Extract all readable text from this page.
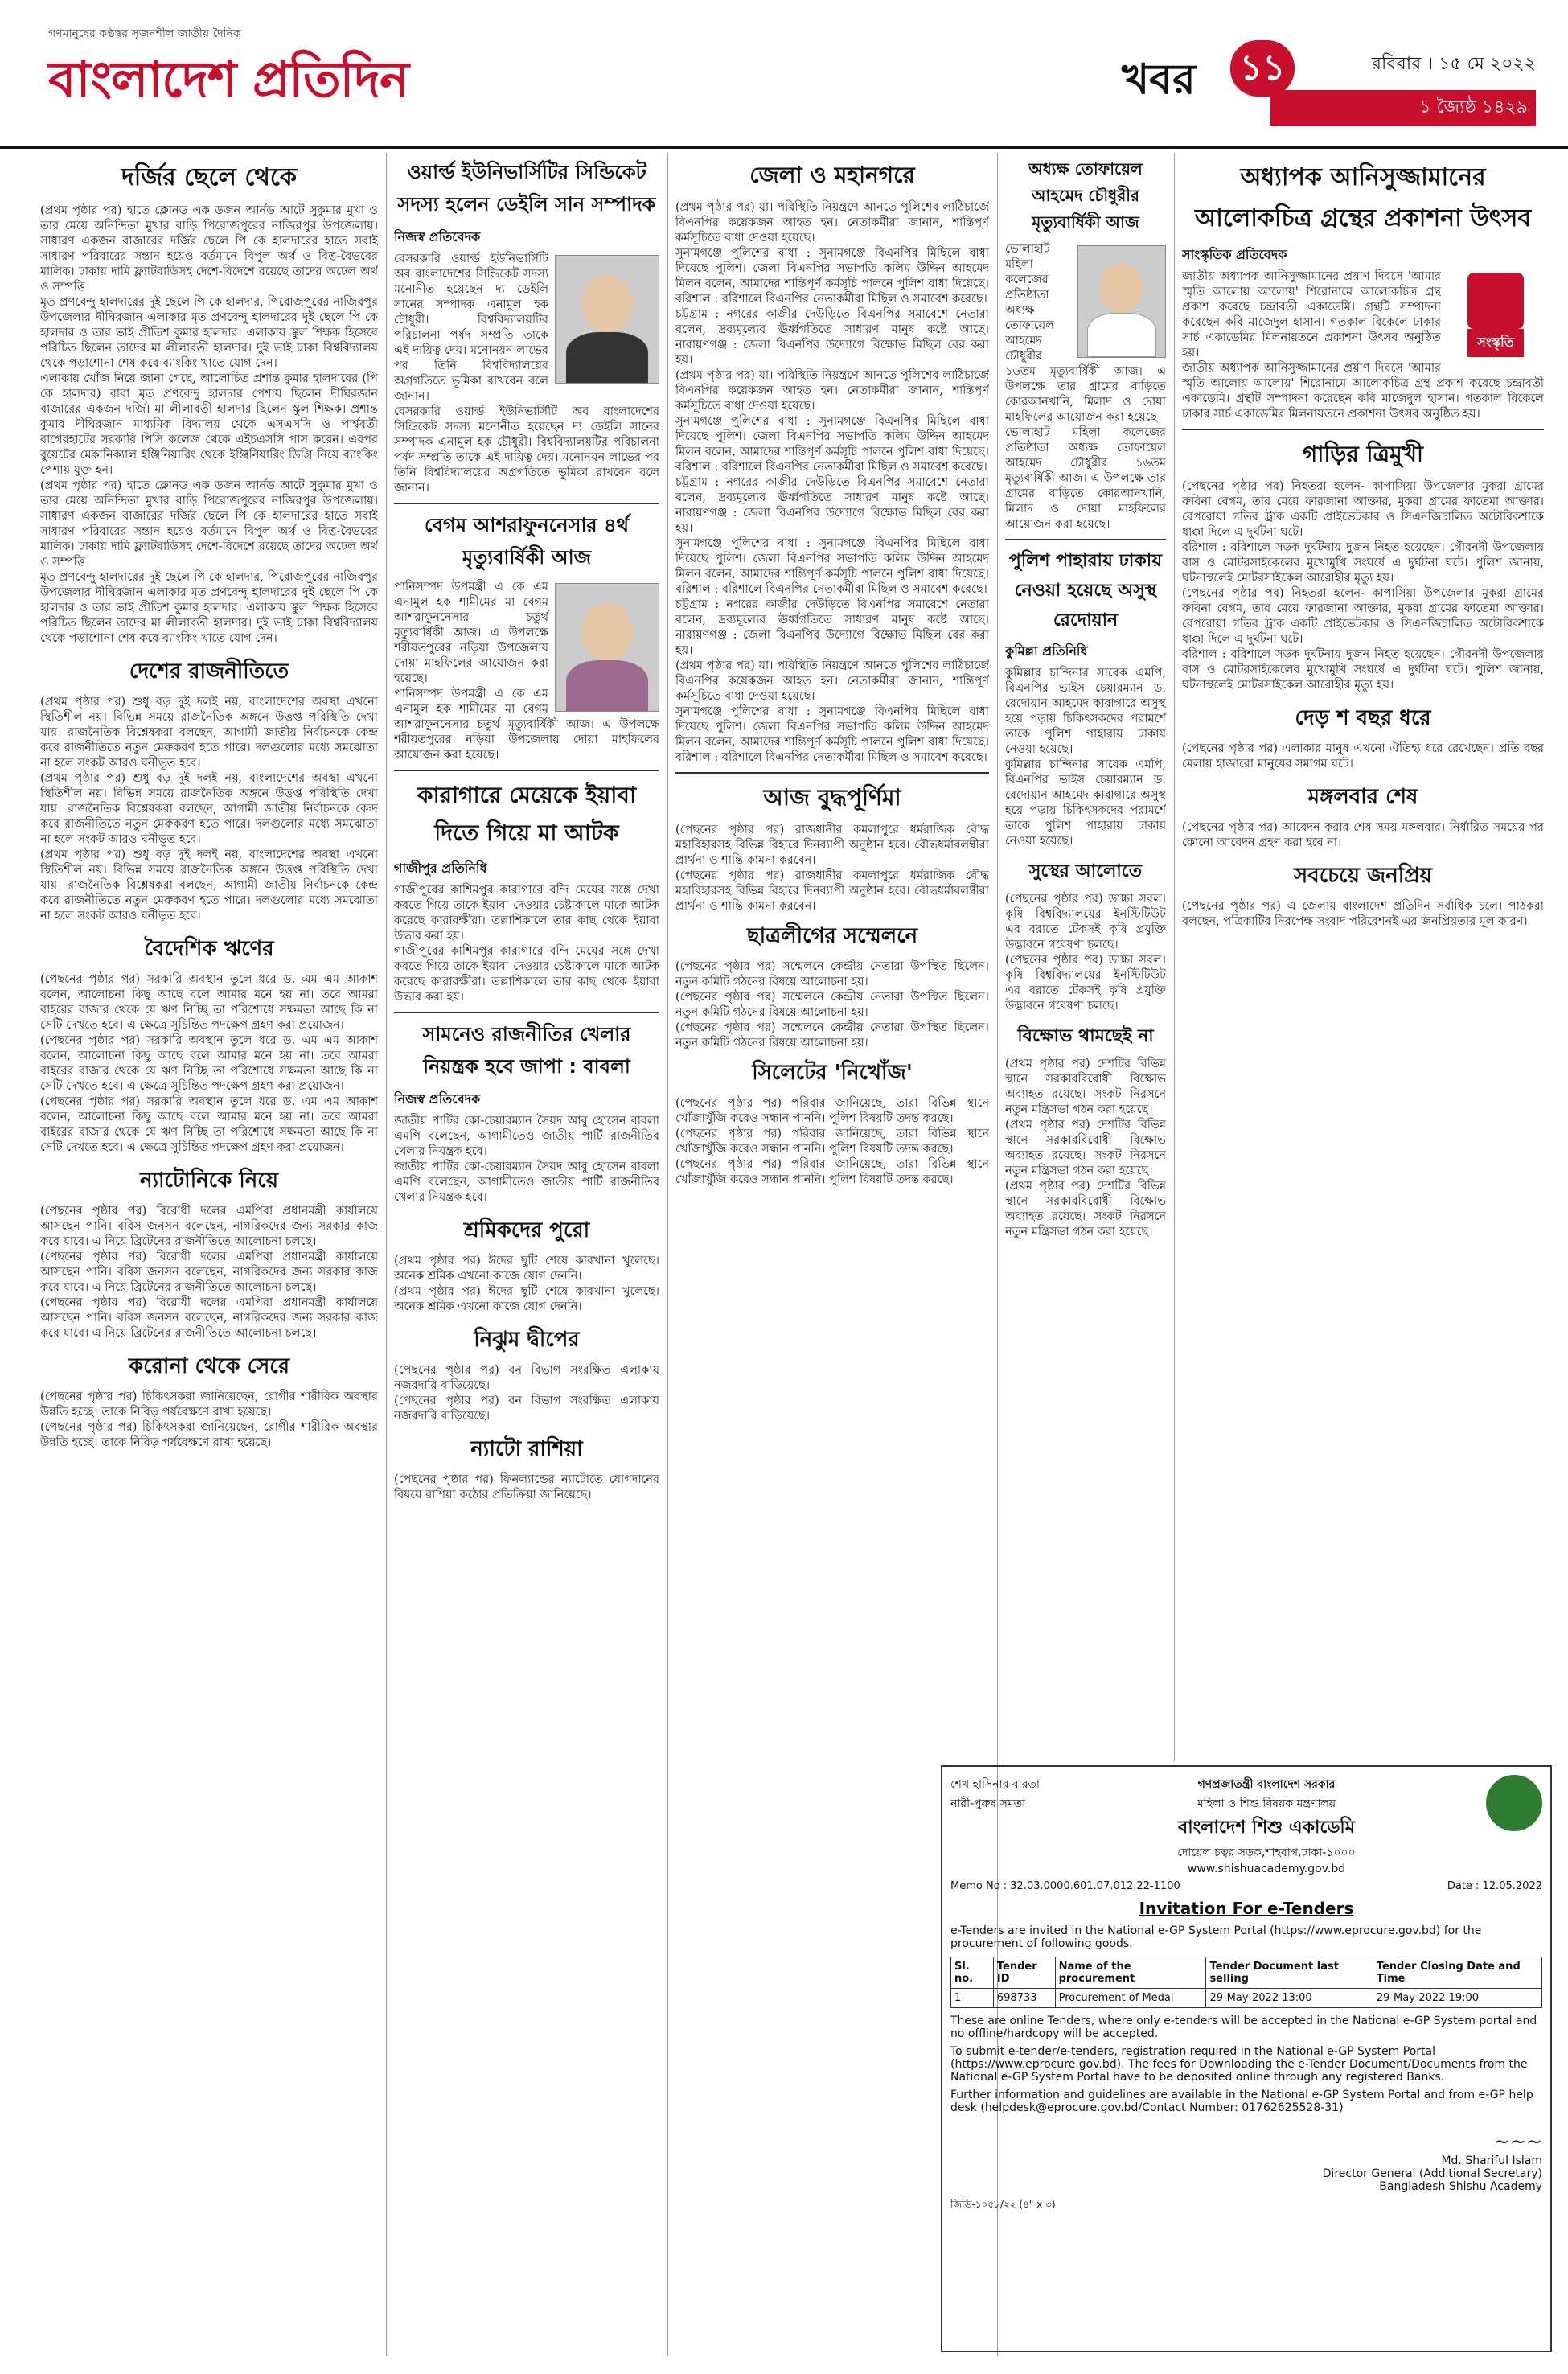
গণমানুষের কণ্ঠস্বর সৃজনশীল জাতীয় দৈনিক
বাংলাদেশ প্রতিদিন	খবর ১১	রবিবার । ১৫ মে ২০২২
১ জ্যৈষ্ঠ ১৪২৯
দর্জির ছেলে থেকে

(প্রথম পৃষ্ঠার পর) হাতে ক্লোনড এক ডজন আর্নড আটে সুকুমার মুখা ও তার মেয়ে অনিন্দিতা মুখার বাড়ি পিরোজপুরের নাজিরপুর উপজেলায়। সাধারণ একজন বাজারের দর্জির ছেলে পি কে হালদারের হাতে সবাই সাধারণ পরিবারের সন্তান হয়েও বর্তমানে বিপুল অর্থ ও বিত্ত-বৈভবের মালিক। ঢাকায় দামি ফ্ল্যাটবাড়িসহ দেশে-বিদেশে রয়েছে তাদের অঢেল অর্থ ও সম্পত্তি।

মৃত প্রণবেন্দু হালদারের দুই ছেলে পি কে হালদার, পিরোজপুরের নাজিরপুর উপজেলার দীঘিরজান এলাকার মৃত প্রণবেন্দু হালদারের দুই ছেলে পি কে হালদার ও তার ভাই প্রীতিশ কুমার হালদার। এলাকায় স্কুল শিক্ষক হিসেবে পরিচিত ছিলেন তাদের মা লীলাবতী হালদার। দুই ভাই ঢাকা বিশ্ববিদ্যালয় থেকে পড়াশোনা শেষ করে ব্যাংকিং খাতে যোগ দেন।

এলাকায় খোঁজ নিয়ে জানা গেছে, আলোচিত প্রশান্ত কুমার হালদারের (পি কে হালদার) বাবা মৃত প্রণবেন্দু হালদার পেশায় ছিলেন দীঘিরজান বাজারের একজন দর্জি। মা লীলাবতী হালদার ছিলেন স্কুল শিক্ষক। প্রশান্ত কুমার দীঘিরজান মাধ্যমিক বিদ্যালয় থেকে এসএসসি ও পার্শ্ববর্তী বাগেরহাটের সরকারি পিসি কলেজ থেকে এইচএসসি পাস করেন। এরপর বুয়েটের মেকানিক্যাল ইঞ্জিনিয়ারিং থেকে ইঞ্জিনিয়ারিং ডিগ্রি নিয়ে ব্যাংকিং পেশায় যুক্ত হন।

(প্রথম পৃষ্ঠার পর) হাতে ক্লোনড এক ডজন আর্নড আটে সুকুমার মুখা ও তার মেয়ে অনিন্দিতা মুখার বাড়ি পিরোজপুরের নাজিরপুর উপজেলায়। সাধারণ একজন বাজারের দর্জির ছেলে পি কে হালদারের হাতে সবাই সাধারণ পরিবারের সন্তান হয়েও বর্তমানে বিপুল অর্থ ও বিত্ত-বৈভবের মালিক। ঢাকায় দামি ফ্ল্যাটবাড়িসহ দেশে-বিদেশে রয়েছে তাদের অঢেল অর্থ ও সম্পত্তি।

মৃত প্রণবেন্দু হালদারের দুই ছেলে পি কে হালদার, পিরোজপুরের নাজিরপুর উপজেলার দীঘিরজান এলাকার মৃত প্রণবেন্দু হালদারের দুই ছেলে পি কে হালদার ও তার ভাই প্রীতিশ কুমার হালদার। এলাকায় স্কুল শিক্ষক হিসেবে পরিচিত ছিলেন তাদের মা লীলাবতী হালদার। দুই ভাই ঢাকা বিশ্ববিদ্যালয় থেকে পড়াশোনা শেষ করে ব্যাংকিং খাতে যোগ দেন।

দেশের রাজনীতিতে

(প্রথম পৃষ্ঠার পর) শুধু বড় দুই দলই নয়, বাংলাদেশের অবস্থা এখনো স্থিতিশীল নয়। বিভিন্ন সময়ে রাজনৈতিক অঙ্গনে উত্তপ্ত পরিস্থিতি দেখা যায়। রাজনৈতিক বিশ্লেষকরা বলছেন, আগামী জাতীয় নির্বাচনকে কেন্দ্র করে রাজনীতিতে নতুন মেরুকরণ হতে পারে। দলগুলোর মধ্যে সমঝোতা না হলে সংকট আরও ঘনীভূত হবে।

(প্রথম পৃষ্ঠার পর) শুধু বড় দুই দলই নয়, বাংলাদেশের অবস্থা এখনো স্থিতিশীল নয়। বিভিন্ন সময়ে রাজনৈতিক অঙ্গনে উত্তপ্ত পরিস্থিতি দেখা যায়। রাজনৈতিক বিশ্লেষকরা বলছেন, আগামী জাতীয় নির্বাচনকে কেন্দ্র করে রাজনীতিতে নতুন মেরুকরণ হতে পারে। দলগুলোর মধ্যে সমঝোতা না হলে সংকট আরও ঘনীভূত হবে।

(প্রথম পৃষ্ঠার পর) শুধু বড় দুই দলই নয়, বাংলাদেশের অবস্থা এখনো স্থিতিশীল নয়। বিভিন্ন সময়ে রাজনৈতিক অঙ্গনে উত্তপ্ত পরিস্থিতি দেখা যায়। রাজনৈতিক বিশ্লেষকরা বলছেন, আগামী জাতীয় নির্বাচনকে কেন্দ্র করে রাজনীতিতে নতুন মেরুকরণ হতে পারে। দলগুলোর মধ্যে সমঝোতা না হলে সংকট আরও ঘনীভূত হবে।

বৈদেশিক ঋণের

(পেছনের পৃষ্ঠার পর) সরকারি অবস্থান তুলে ধরে ড. এম এম আকাশ বলেন, আলোচনা কিছু আছে বলে আমার মনে হয় না। তবে আমরা বাইরের বাজার থেকে যে ঋণ নিচ্ছি তা পরিশোধে সক্ষমতা আছে কি না সেটি দেখতে হবে। এ ক্ষেত্রে সুচিন্তিত পদক্ষেপ গ্রহণ করা প্রয়োজন।

(পেছনের পৃষ্ঠার পর) সরকারি অবস্থান তুলে ধরে ড. এম এম আকাশ বলেন, আলোচনা কিছু আছে বলে আমার মনে হয় না। তবে আমরা বাইরের বাজার থেকে যে ঋণ নিচ্ছি তা পরিশোধে সক্ষমতা আছে কি না সেটি দেখতে হবে। এ ক্ষেত্রে সুচিন্তিত পদক্ষেপ গ্রহণ করা প্রয়োজন।

(পেছনের পৃষ্ঠার পর) সরকারি অবস্থান তুলে ধরে ড. এম এম আকাশ বলেন, আলোচনা কিছু আছে বলে আমার মনে হয় না। তবে আমরা বাইরের বাজার থেকে যে ঋণ নিচ্ছি তা পরিশোধে সক্ষমতা আছে কি না সেটি দেখতে হবে। এ ক্ষেত্রে সুচিন্তিত পদক্ষেপ গ্রহণ করা প্রয়োজন।

ন্যাটোনিকে নিয়ে

(পেছনের পৃষ্ঠার পর) বিরোধী দলের এমপিরা প্রধানমন্ত্রী কার্যালয়ে আসছেন পানি। বরিস জনসন বলেছেন, নাগরিকদের জন্য সরকার কাজ করে যাবে। এ নিয়ে ব্রিটেনের রাজনীতিতে আলোচনা চলছে।

(পেছনের পৃষ্ঠার পর) বিরোধী দলের এমপিরা প্রধানমন্ত্রী কার্যালয়ে আসছেন পানি। বরিস জনসন বলেছেন, নাগরিকদের জন্য সরকার কাজ করে যাবে। এ নিয়ে ব্রিটেনের রাজনীতিতে আলোচনা চলছে।

(পেছনের পৃষ্ঠার পর) বিরোধী দলের এমপিরা প্রধানমন্ত্রী কার্যালয়ে আসছেন পানি। বরিস জনসন বলেছেন, নাগরিকদের জন্য সরকার কাজ করে যাবে। এ নিয়ে ব্রিটেনের রাজনীতিতে আলোচনা চলছে।

করোনা থেকে সেরে

(পেছনের পৃষ্ঠার পর) চিকিৎসকরা জানিয়েছেন, রোগীর শারীরিক অবস্থার উন্নতি হচ্ছে। তাকে নিবিড় পর্যবেক্ষণে রাখা হয়েছে।

(পেছনের পৃষ্ঠার পর) চিকিৎসকরা জানিয়েছেন, রোগীর শারীরিক অবস্থার উন্নতি হচ্ছে। তাকে নিবিড় পর্যবেক্ষণে রাখা হয়েছে।

ওয়ার্ল্ড ইউনিভার্সিটির সিন্ডিকেট সদস্য হলেন ডেইলি সান সম্পাদক
নিজস্ব প্রতিবেদক

বেসরকারি ওয়ার্ল্ড ইউনিভার্সিটি অব বাংলাদেশের সিন্ডিকেট সদস্য মনোনীত হয়েছেন দ্য ডেইলি সানের সম্পাদক এনামুল হক চৌধুরী। বিশ্ববিদ্যালয়টির পরিচালনা পর্ষদ সম্প্রতি তাকে এই দায়িত্ব দেয়। মনোনয়ন লাভের পর তিনি বিশ্ববিদ্যালয়ের অগ্রগতিতে ভূমিকা রাখবেন বলে জানান।

বেসরকারি ওয়ার্ল্ড ইউনিভার্সিটি অব বাংলাদেশের সিন্ডিকেট সদস্য মনোনীত হয়েছেন দ্য ডেইলি সানের সম্পাদক এনামুল হক চৌধুরী। বিশ্ববিদ্যালয়টির পরিচালনা পর্ষদ সম্প্রতি তাকে এই দায়িত্ব দেয়। মনোনয়ন লাভের পর তিনি বিশ্ববিদ্যালয়ের অগ্রগতিতে ভূমিকা রাখবেন বলে জানান।

বেগম আশরাফুননেসার ৪র্থ মৃত্যুবার্ষিকী আজ

পানিসম্পদ উপমন্ত্রী এ কে এম এনামুল হক শামীমের মা বেগম আশরাফুননেসার চতুর্থ মৃত্যুবার্ষিকী আজ। এ উপলক্ষে শরীয়তপুরের নড়িয়া উপজেলায় দোয়া মাহফিলের আয়োজন করা হয়েছে।

পানিসম্পদ উপমন্ত্রী এ কে এম এনামুল হক শামীমের মা বেগম আশরাফুননেসার চতুর্থ মৃত্যুবার্ষিকী আজ। এ উপলক্ষে শরীয়তপুরের নড়িয়া উপজেলায় দোয়া মাহফিলের আয়োজন করা হয়েছে।

কারাগারে মেয়েকে ইয়াবা দিতে গিয়ে মা আটক
গাজীপুর প্রতিনিধি

গাজীপুরের কাশিমপুর কারাগারে বন্দি মেয়ের সঙ্গে দেখা করতে গিয়ে তাকে ইয়াবা দেওয়ার চেষ্টাকালে মাকে আটক করেছে কারারক্ষীরা। তল্লাশিকালে তার কাছ থেকে ইয়াবা উদ্ধার করা হয়।

গাজীপুরের কাশিমপুর কারাগারে বন্দি মেয়ের সঙ্গে দেখা করতে গিয়ে তাকে ইয়াবা দেওয়ার চেষ্টাকালে মাকে আটক করেছে কারারক্ষীরা। তল্লাশিকালে তার কাছ থেকে ইয়াবা উদ্ধার করা হয়।

সামনেও রাজনীতির খেলার নিয়ন্ত্রক হবে জাপা : বাবলা
নিজস্ব প্রতিবেদক

জাতীয় পার্টির কো-চেয়ারম্যান সৈয়দ আবু হোসেন বাবলা এমপি বলেছেন, আগামীতেও জাতীয় পার্টি রাজনীতির খেলার নিয়ন্ত্রক হবে।

জাতীয় পার্টির কো-চেয়ারম্যান সৈয়দ আবু হোসেন বাবলা এমপি বলেছেন, আগামীতেও জাতীয় পার্টি রাজনীতির খেলার নিয়ন্ত্রক হবে।

শ্রমিকদের পুরো

(প্রথম পৃষ্ঠার পর) ঈদের ছুটি শেষে কারখানা খুলেছে। অনেক শ্রমিক এখনো কাজে যোগ দেননি।

(প্রথম পৃষ্ঠার পর) ঈদের ছুটি শেষে কারখানা খুলেছে। অনেক শ্রমিক এখনো কাজে যোগ দেননি।

নিঝুম দ্বীপের

(পেছনের পৃষ্ঠার পর) বন বিভাগ সংরক্ষিত এলাকায় নজরদারি বাড়িয়েছে।

(পেছনের পৃষ্ঠার পর) বন বিভাগ সংরক্ষিত এলাকায় নজরদারি বাড়িয়েছে।

ন্যাটো রাশিয়া

(পেছনের পৃষ্ঠার পর) ফিনল্যান্ডের ন্যাটোতে যোগদানের বিষয়ে রাশিয়া কঠোর প্রতিক্রিয়া জানিয়েছে।

জেলা ও মহানগরে

(প্রথম পৃষ্ঠার পর) যা। পরিস্থিতি নিয়ন্ত্রণে আনতে পুলিশের লাঠিচার্জে বিএনপির কয়েকজন আহত হন। নেতাকর্মীরা জানান, শান্তিপূর্ণ কর্মসূচিতে বাধা দেওয়া হয়েছে।

সুনামগঞ্জে পুলিশের বাধা : সুনামগঞ্জে বিএনপির মিছিলে বাধা দিয়েছে পুলিশ। জেলা বিএনপির সভাপতি কলিম উদ্দিন আহমেদ মিলন বলেন, আমাদের শান্তিপূর্ণ কর্মসূচি পালনে পুলিশ বাধা দিয়েছে। বরিশাল : বরিশালে বিএনপির নেতাকর্মীরা মিছিল ও সমাবেশ করেছে।

চট্টগ্রাম : নগরের কাজীর দেউড়িতে বিএনপির সমাবেশে নেতারা বলেন, দ্রব্যমূল্যের ঊর্ধ্বগতিতে সাধারণ মানুষ কষ্টে আছে। নারায়ণগঞ্জ : জেলা বিএনপির উদ্যোগে বিক্ষোভ মিছিল বের করা হয়।

(প্রথম পৃষ্ঠার পর) যা। পরিস্থিতি নিয়ন্ত্রণে আনতে পুলিশের লাঠিচার্জে বিএনপির কয়েকজন আহত হন। নেতাকর্মীরা জানান, শান্তিপূর্ণ কর্মসূচিতে বাধা দেওয়া হয়েছে।

সুনামগঞ্জে পুলিশের বাধা : সুনামগঞ্জে বিএনপির মিছিলে বাধা দিয়েছে পুলিশ। জেলা বিএনপির সভাপতি কলিম উদ্দিন আহমেদ মিলন বলেন, আমাদের শান্তিপূর্ণ কর্মসূচি পালনে পুলিশ বাধা দিয়েছে। বরিশাল : বরিশালে বিএনপির নেতাকর্মীরা মিছিল ও সমাবেশ করেছে।

চট্টগ্রাম : নগরের কাজীর দেউড়িতে বিএনপির সমাবেশে নেতারা বলেন, দ্রব্যমূল্যের ঊর্ধ্বগতিতে সাধারণ মানুষ কষ্টে আছে। নারায়ণগঞ্জ : জেলা বিএনপির উদ্যোগে বিক্ষোভ মিছিল বের করা হয়।

সুনামগঞ্জে পুলিশের বাধা : সুনামগঞ্জে বিএনপির মিছিলে বাধা দিয়েছে পুলিশ। জেলা বিএনপির সভাপতি কলিম উদ্দিন আহমেদ মিলন বলেন, আমাদের শান্তিপূর্ণ কর্মসূচি পালনে পুলিশ বাধা দিয়েছে। বরিশাল : বরিশালে বিএনপির নেতাকর্মীরা মিছিল ও সমাবেশ করেছে।

চট্টগ্রাম : নগরের কাজীর দেউড়িতে বিএনপির সমাবেশে নেতারা বলেন, দ্রব্যমূল্যের ঊর্ধ্বগতিতে সাধারণ মানুষ কষ্টে আছে। নারায়ণগঞ্জ : জেলা বিএনপির উদ্যোগে বিক্ষোভ মিছিল বের করা হয়।

(প্রথম পৃষ্ঠার পর) যা। পরিস্থিতি নিয়ন্ত্রণে আনতে পুলিশের লাঠিচার্জে বিএনপির কয়েকজন আহত হন। নেতাকর্মীরা জানান, শান্তিপূর্ণ কর্মসূচিতে বাধা দেওয়া হয়েছে।

সুনামগঞ্জে পুলিশের বাধা : সুনামগঞ্জে বিএনপির মিছিলে বাধা দিয়েছে পুলিশ। জেলা বিএনপির সভাপতি কলিম উদ্দিন আহমেদ মিলন বলেন, আমাদের শান্তিপূর্ণ কর্মসূচি পালনে পুলিশ বাধা দিয়েছে। বরিশাল : বরিশালে বিএনপির নেতাকর্মীরা মিছিল ও সমাবেশ করেছে।

আজ বুদ্ধপূর্ণিমা

(পেছনের পৃষ্ঠার পর) রাজধানীর কমলাপুরে ধর্মরাজিক বৌদ্ধ মহাবিহারসহ বিভিন্ন বিহারে দিনব্যাপী অনুষ্ঠান হবে। বৌদ্ধধর্মাবলম্বীরা প্রার্থনা ও শান্তি কামনা করবেন।

(পেছনের পৃষ্ঠার পর) রাজধানীর কমলাপুরে ধর্মরাজিক বৌদ্ধ মহাবিহারসহ বিভিন্ন বিহারে দিনব্যাপী অনুষ্ঠান হবে। বৌদ্ধধর্মাবলম্বীরা প্রার্থনা ও শান্তি কামনা করবেন।

ছাত্রলীগের সম্মেলনে

(পেছনের পৃষ্ঠার পর) সম্মেলনে কেন্দ্রীয় নেতারা উপস্থিত ছিলেন। নতুন কমিটি গঠনের বিষয়ে আলোচনা হয়।

(পেছনের পৃষ্ঠার পর) সম্মেলনে কেন্দ্রীয় নেতারা উপস্থিত ছিলেন। নতুন কমিটি গঠনের বিষয়ে আলোচনা হয়।

(পেছনের পৃষ্ঠার পর) সম্মেলনে কেন্দ্রীয় নেতারা উপস্থিত ছিলেন। নতুন কমিটি গঠনের বিষয়ে আলোচনা হয়।

সিলেটের 'নিখোঁজ'

(পেছনের পৃষ্ঠার পর) পরিবার জানিয়েছে, তারা বিভিন্ন স্থানে খোঁজাখুঁজি করেও সন্ধান পাননি। পুলিশ বিষয়টি তদন্ত করছে।

(পেছনের পৃষ্ঠার পর) পরিবার জানিয়েছে, তারা বিভিন্ন স্থানে খোঁজাখুঁজি করেও সন্ধান পাননি। পুলিশ বিষয়টি তদন্ত করছে।

(পেছনের পৃষ্ঠার পর) পরিবার জানিয়েছে, তারা বিভিন্ন স্থানে খোঁজাখুঁজি করেও সন্ধান পাননি। পুলিশ বিষয়টি তদন্ত করছে।

অধ্যক্ষ তোফায়েল আহমেদ চৌধুরীর মৃত্যুবার্ষিকী আজ

ভোলাহাট মহিলা কলেজের প্রতিষ্ঠাতা অধ্যক্ষ তোফায়েল আহমেদ চৌধুরীর ১৬তম মৃত্যুবার্ষিকী আজ। এ উপলক্ষে তার গ্রামের বাড়িতে কোরআনখানি, মিলাদ ও দোয়া মাহফিলের আয়োজন করা হয়েছে।

ভোলাহাট মহিলা কলেজের প্রতিষ্ঠাতা অধ্যক্ষ তোফায়েল আহমেদ চৌধুরীর ১৬তম মৃত্যুবার্ষিকী আজ। এ উপলক্ষে তার গ্রামের বাড়িতে কোরআনখানি, মিলাদ ও দোয়া মাহফিলের আয়োজন করা হয়েছে।

পুলিশ পাহারায় ঢাকায় নেওয়া হয়েছে অসুস্থ রেদোয়ান
কুমিল্লা প্রতিনিধি

কুমিল্লার চান্দিনার সাবেক এমপি, বিএনপির ভাইস চেয়ারম্যান ড. রেদোয়ান আহমেদ কারাগারে অসুস্থ হয়ে পড়ায় চিকিৎসকদের পরামর্শে তাকে পুলিশ পাহারায় ঢাকায় নেওয়া হয়েছে।

কুমিল্লার চান্দিনার সাবেক এমপি, বিএনপির ভাইস চেয়ারম্যান ড. রেদোয়ান আহমেদ কারাগারে অসুস্থ হয়ে পড়ায় চিকিৎসকদের পরামর্শে তাকে পুলিশ পাহারায় ঢাকায় নেওয়া হয়েছে।

সুস্থের আলোতে

(পেছনের পৃষ্ঠার পর) ডাচ্চা সবল। কৃষি বিশ্ববিদ্যালয়ের ইনস্টিটিউট এর বরাতে টেকসই কৃষি প্রযুক্তি উদ্ভাবনে গবেষণা চলছে।

(পেছনের পৃষ্ঠার পর) ডাচ্চা সবল। কৃষি বিশ্ববিদ্যালয়ের ইনস্টিটিউট এর বরাতে টেকসই কৃষি প্রযুক্তি উদ্ভাবনে গবেষণা চলছে।

বিক্ষোভ থামছেই না

(প্রথম পৃষ্ঠার পর) দেশটির বিভিন্ন স্থানে সরকারবিরোধী বিক্ষোভ অব্যাহত রয়েছে। সংকট নিরসনে নতুন মন্ত্রিসভা গঠন করা হয়েছে।

(প্রথম পৃষ্ঠার পর) দেশটির বিভিন্ন স্থানে সরকারবিরোধী বিক্ষোভ অব্যাহত রয়েছে। সংকট নিরসনে নতুন মন্ত্রিসভা গঠন করা হয়েছে।

(প্রথম পৃষ্ঠার পর) দেশটির বিভিন্ন স্থানে সরকারবিরোধী বিক্ষোভ অব্যাহত রয়েছে। সংকট নিরসনে নতুন মন্ত্রিসভা গঠন করা হয়েছে।

অধ্যাপক আনিসুজ্জামানের আলোকচিত্র গ্রন্থের প্রকাশনা উৎসব
সাংস্কৃতিক প্রতিবেদক
সংস্কৃতি

জাতীয় অধ্যাপক আনিসুজ্জামানের প্রয়াণ দিবসে 'আমার স্মৃতি আলোয় আলোয়' শিরোনামে আলোকচিত্র গ্রন্থ প্রকাশ করেছে চন্দ্রাবতী একাডেমি। গ্রন্থটি সম্পাদনা করেছেন কবি মাজেদুল হাসান। গতকাল বিকেলে ঢাকার সার্চ একাডেমির মিলনায়তনে প্রকাশনা উৎসব অনুষ্ঠিত হয়।

জাতীয় অধ্যাপক আনিসুজ্জামানের প্রয়াণ দিবসে 'আমার স্মৃতি আলোয় আলোয়' শিরোনামে আলোকচিত্র গ্রন্থ প্রকাশ করেছে চন্দ্রাবতী একাডেমি। গ্রন্থটি সম্পাদনা করেছেন কবি মাজেদুল হাসান। গতকাল বিকেলে ঢাকার সার্চ একাডেমির মিলনায়তনে প্রকাশনা উৎসব অনুষ্ঠিত হয়।

গাড়ির ত্রিমুখী

(পেছনের পৃষ্ঠার পর) নিহতরা হলেন- কাপাসিয়া উপজেলার মুকরা গ্রামের রুবিনা বেগম, তার মেয়ে ফারজানা আক্তার, মুকরা গ্রামের ফাতেমা আক্তার। বেপরোয়া গতির ট্রাক একটি প্রাইভেটকার ও সিএনজিচালিত অটোরিকশাকে ধাক্কা দিলে এ দুর্ঘটনা ঘটে।

বরিশাল : বরিশালে সড়ক দুর্ঘটনায় দুজন নিহত হয়েছেন। গৌরনদী উপজেলায় বাস ও মোটরসাইকেলের মুখোমুখি সংঘর্ষে এ দুর্ঘটনা ঘটে। পুলিশ জানায়, ঘটনাস্থলেই মোটরসাইকেল আরোহীর মৃত্যু হয়।

(পেছনের পৃষ্ঠার পর) নিহতরা হলেন- কাপাসিয়া উপজেলার মুকরা গ্রামের রুবিনা বেগম, তার মেয়ে ফারজানা আক্তার, মুকরা গ্রামের ফাতেমা আক্তার। বেপরোয়া গতির ট্রাক একটি প্রাইভেটকার ও সিএনজিচালিত অটোরিকশাকে ধাক্কা দিলে এ দুর্ঘটনা ঘটে।

বরিশাল : বরিশালে সড়ক দুর্ঘটনায় দুজন নিহত হয়েছেন। গৌরনদী উপজেলায় বাস ও মোটরসাইকেলের মুখোমুখি সংঘর্ষে এ দুর্ঘটনা ঘটে। পুলিশ জানায়, ঘটনাস্থলেই মোটরসাইকেল আরোহীর মৃত্যু হয়।

দেড় শ বছর ধরে

(পেছনের পৃষ্ঠার পর) এলাকার মানুষ এখনো ঐতিহ্য ধরে রেখেছেন। প্রতি বছর মেলায় হাজারো মানুষের সমাগম ঘটে।

মঙ্গলবার শেষ

(পেছনের পৃষ্ঠার পর) আবেদন করার শেষ সময় মঙ্গলবার। নির্ধারিত সময়ের পর কোনো আবেদন গ্রহণ করা হবে না।

সবচেয়ে জনপ্রিয়

(পেছনের পৃষ্ঠার পর) এ জেলায় বাংলাদেশ প্রতিদিন সর্বাধিক চলে। পাঠকরা বলছেন, পত্রিকাটির নিরপেক্ষ সংবাদ পরিবেশনই এর জনপ্রিয়তার মূল কারণ।

শেখ হাসিনার বারতা নারী-পুরুষ সমতা
গণপ্রজাতন্ত্রী বাংলাদেশ সরকার
মহিলা ও শিশু বিষয়ক মন্ত্রণালয়
বাংলাদেশ শিশু একাডেমি
দোয়েল চত্বর সড়ক,শাহবাগ,ঢাকা-১০০০
www.shishuacademy.gov.bd
Memo No : 32.03.0000.601.07.012.22-1100	Date : 12.05.2022
Invitation For e-Tenders

e-Tenders are invited in the National e-GP System Portal (https://www.eprocure.gov.bd) for the procurement of following goods.

Sl. no.	Tender ID	Name of the procurement	Tender Document last selling	Tender Closing Date and Time
1	698733	Procurement of Medal	29-May-2022 13:00	29-May-2022 19:00

These are online Tenders, where only e-tenders will be accepted in the National e-GP System portal and no offline/hardcopy will be accepted.

To submit e-tender/e-tenders, registration required in the National e-GP System Portal (https://www.eprocure.gov.bd). The fees for Downloading the e-Tender Document/Documents from the National e-GP System Portal have to be deposited online through any registered Banks.

Further information and guidelines are available in the National e-GP System Portal and from e-GP help desk (helpdesk@eprocure.gov.bd/Contact Number: 01762625528-31)

~~~
Md. Shariful Islam
Director General (Additional Secretary)
Bangladesh Shishu Academy
জিডি-১০৫৮/২২ (৪" x ৩)
